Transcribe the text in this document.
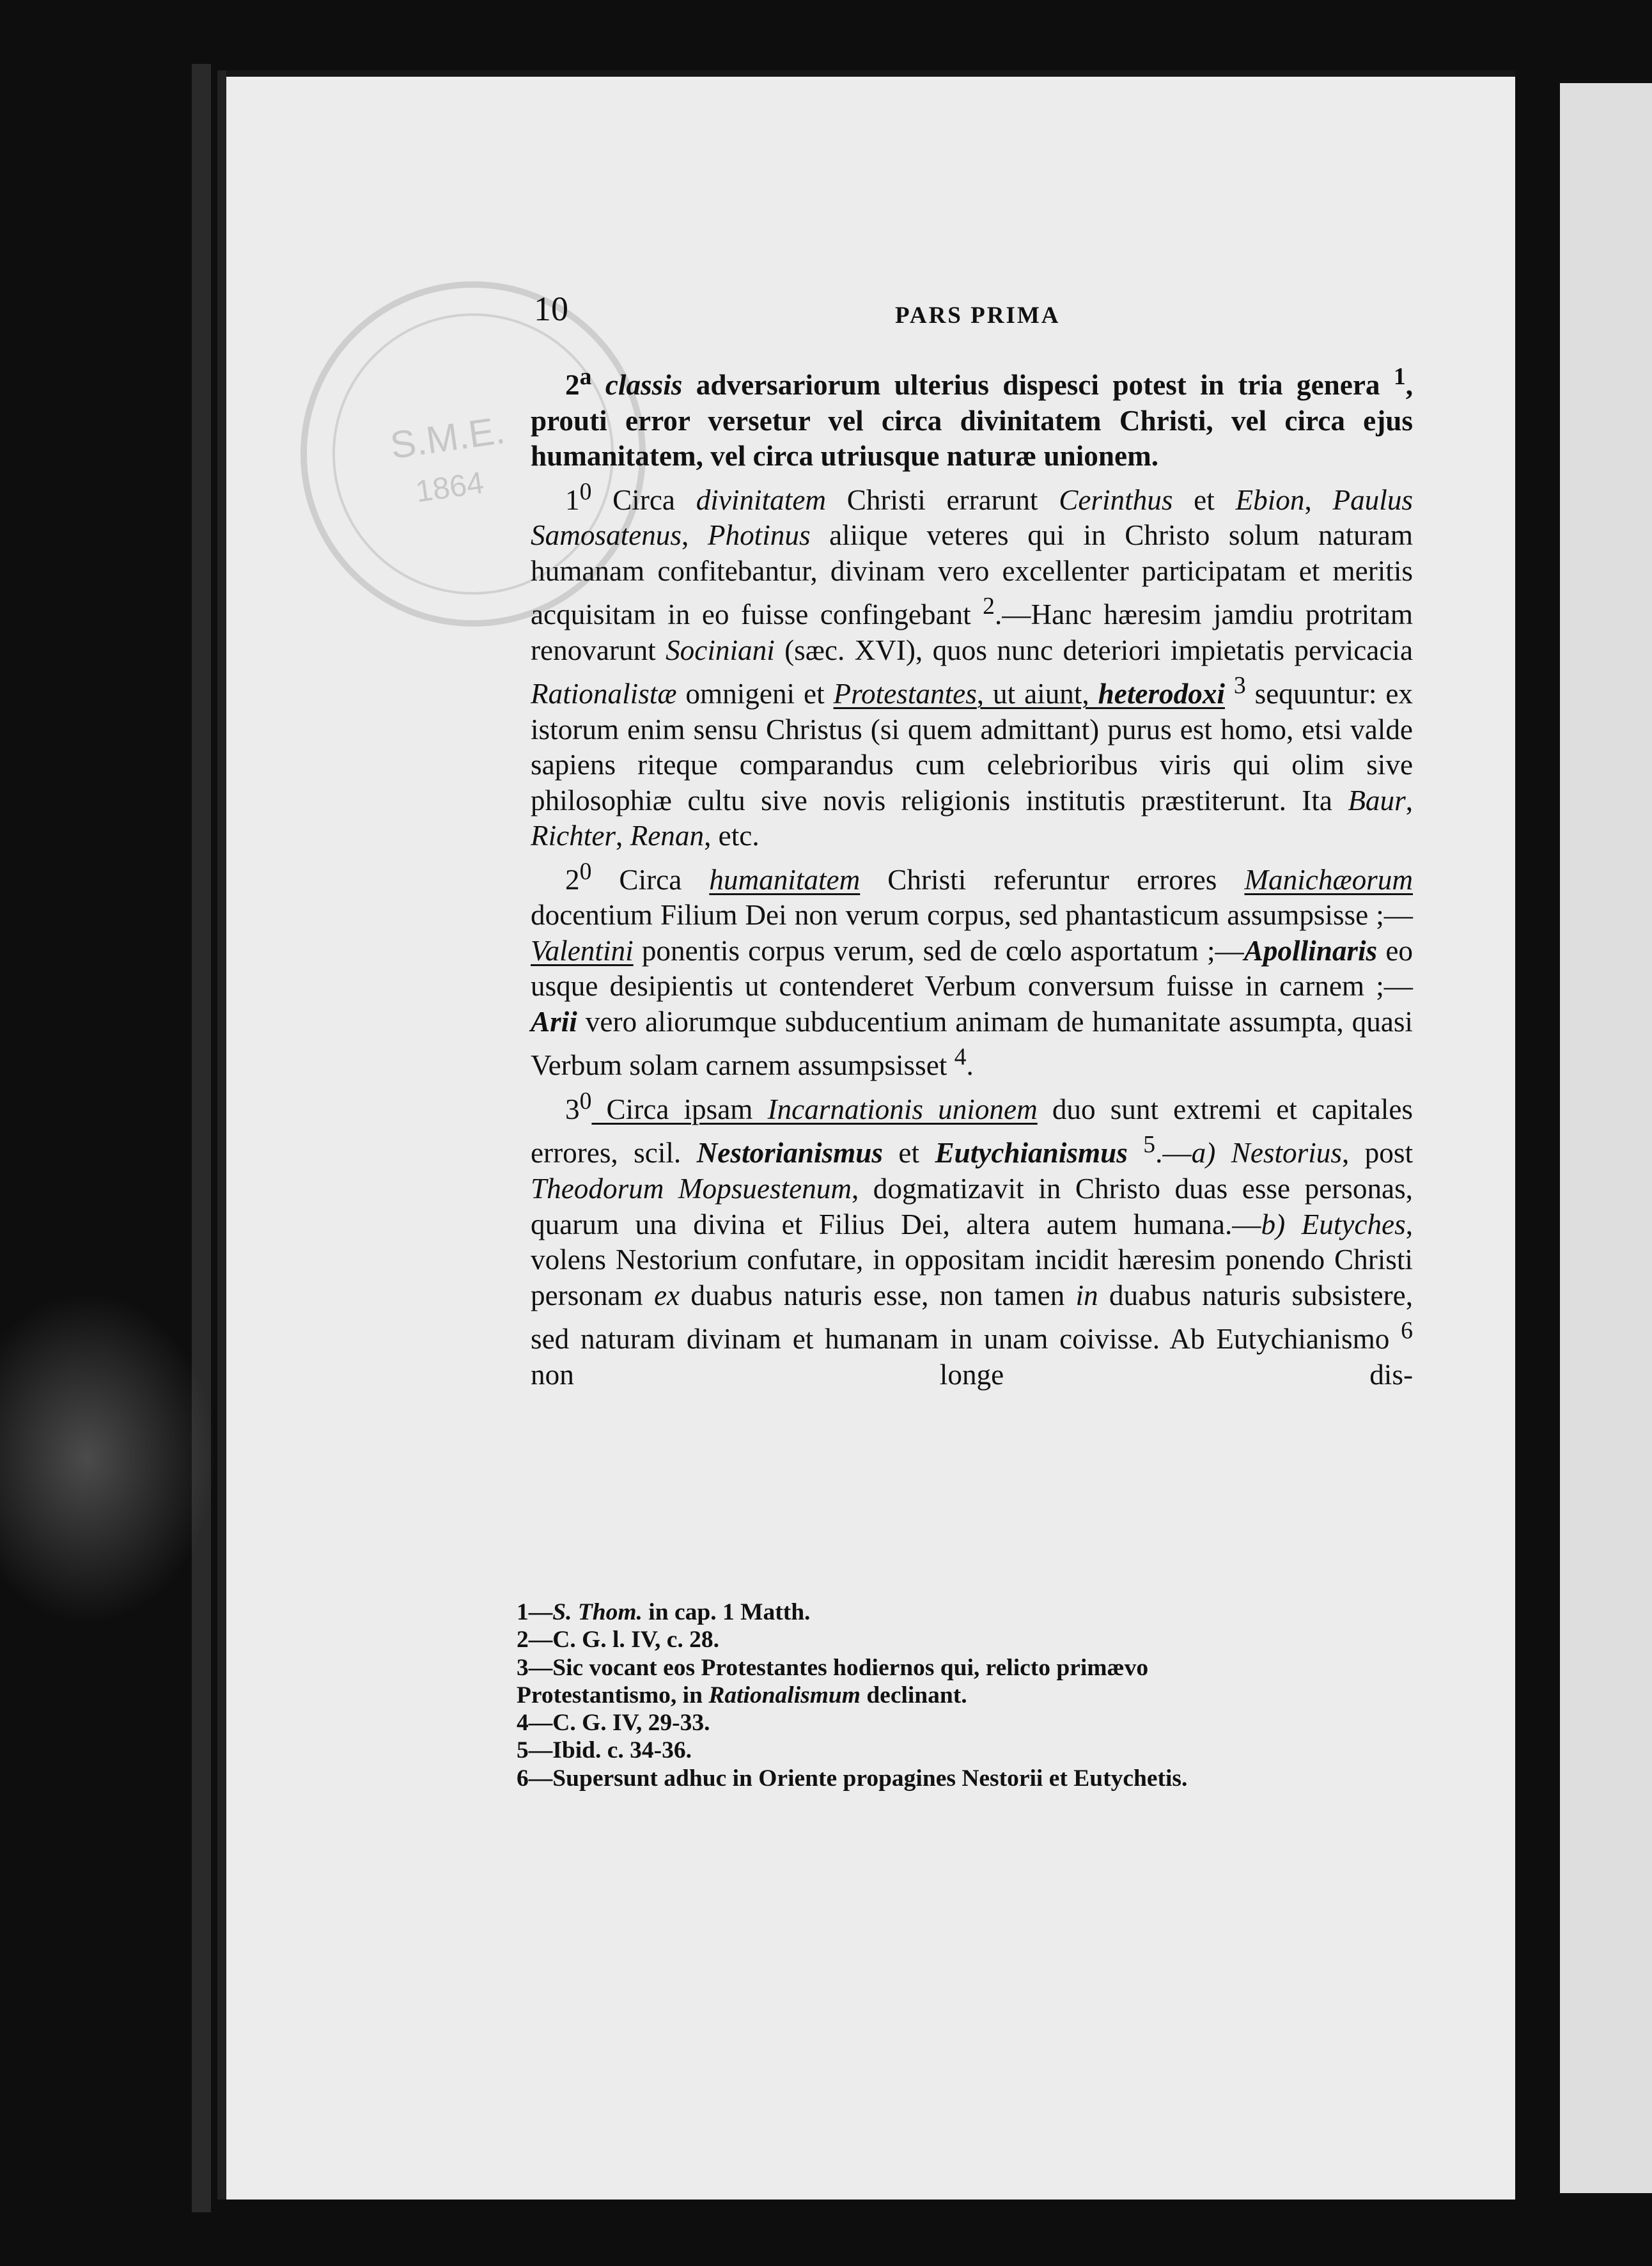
S.M.E.
1864
10	PARS PRIMA

2$^a$ classis adversariorum ulterius dispesci potest in tria genera $^1$, prouti error versetur vel circa divinitatem Christi, vel circa ejus humanitatem, vel circa utriusque naturæ unionem.

$1^0$ Circa divinitatem Christi errarunt Cerinthus et Ebion, Paulus Samosatenus, Photinus aliique veteres qui in Christo solum naturam humanam confitebantur, divinam vero excellenter participatam et meritis acquisitam in eo fuisse confingebant $^2$.—Hanc hæresim jamdiu protritam renovarunt Sociniani (sæc. XVI), quos nunc deteriori impietatis pervicacia Rationalistæ omnigeni et Protestantes, ut aiunt, heterodoxi $^3$ sequuntur: ex istorum enim sensu Christus (si quem admittant) purus est homo, etsi valde sapiens riteque comparandus cum celebrioribus viris qui olim sive philosophiæ cultu sive novis religionis institutis præstiterunt. Ita Baur, Richter, Renan, etc.

$2^0$ Circa humanitatem Christi referuntur errores Manichæorum docentium Filium Dei non verum corpus, sed phantasticum assumpsisse ;—Valentini ponentis corpus verum, sed de cœlo asportatum ;—Apollinaris eo usque desipientis ut contenderet Verbum conversum fuisse in carnem ;—Arii vero aliorumque subducentium animam de humanitate assumpta, quasi Verbum solam carnem assumpsisset $^4$.

$3^0$ Circa ipsam Incarnationis unionem duo sunt extremi et capitales errores, scil. Nestorianismus et Eutychianismus $^5$.—a) Nestorius, post Theodorum Mopsuestenum, dogmatizavit in Christo duas esse personas, quarum una divina et Filius Dei, altera autem humana.—b) Eutyches, volens Nestorium confutare, in oppositam incidit hæresim ponendo Christi personam ex duabus naturis esse, non tamen in duabus naturis subsistere, sed naturam divinam et humanam in unam coivisse. Ab Eutychianismo $^6$ non longe dis-

1—S. Thom. in cap. 1 Matth.
2—C. G. l. IV, c. 28.
3—Sic vocant eos Protestantes hodiernos qui, relicto primævo
Protestantismo, in Rationalismum declinant.
4—C. G. IV, 29-33.
5—Ibid. c. 34-36.
6—Supersunt adhuc in Oriente propagines Nestorii et Eutychetis.
